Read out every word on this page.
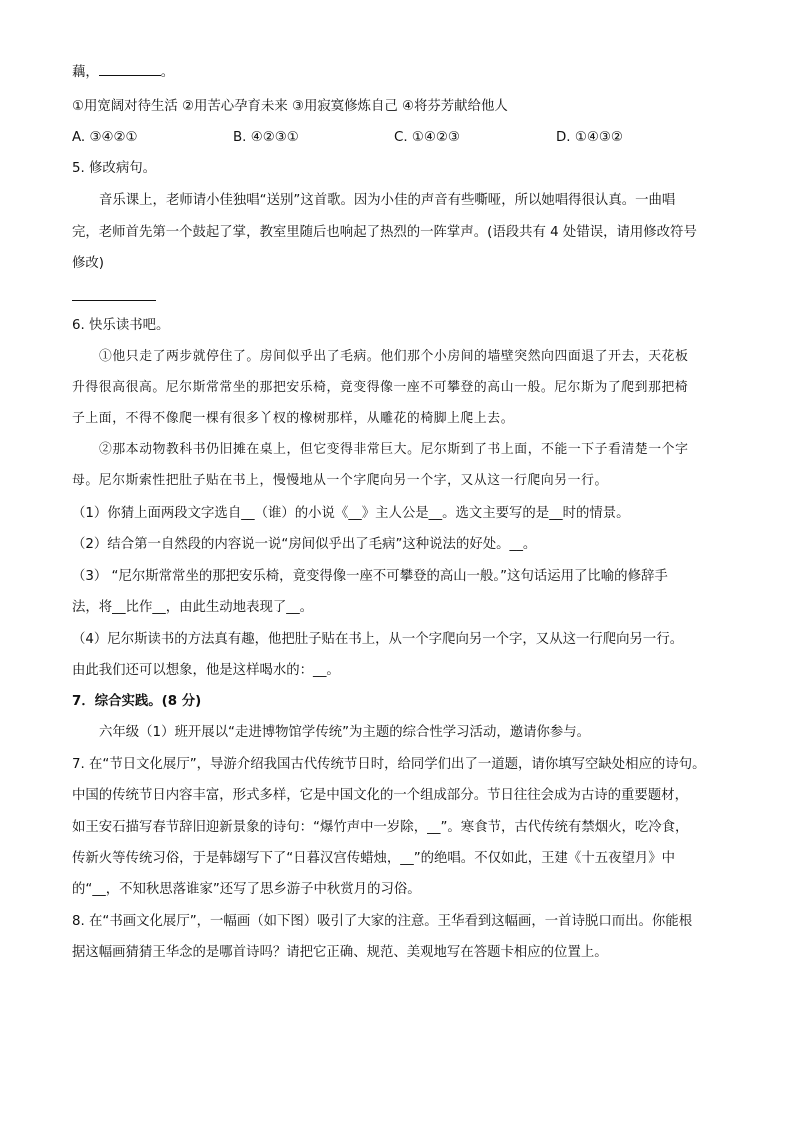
藕，	。
①用宽阔对待生活 ②用苦心孕育未来 ③用寂寞修炼自己 ④将芬芳献给他人
A. ③④②①	B. ④②③①	C. ①④②③	D. ①④③②
5. 修改病句。
音乐课上，老师请小佳独唱“送别”这首歌。因为小佳的声音有些嘶哑，所以她唱得很认真。一曲唱
完，老师首先第一个鼓起了掌，教室里随后也响起了热烈的一阵掌声。(语段共有 4 处错误，请用修改符号
修改)
6. 快乐读书吧。
①他只走了两步就停住了。房间似乎出了毛病。他们那个小房间的墙壁突然向四面退了开去，天花板
升得很高很高。尼尔斯常常坐的那把安乐椅，竟变得像一座不可攀登的高山一般。尼尔斯为了爬到那把椅
子上面，不得不像爬一棵有很多丫杈的橡树那样，从雕花的椅脚上爬上去。
②那本动物教科书仍旧摊在桌上，但它变得非常巨大。尼尔斯到了书上面，不能一下子看清楚一个字
母。尼尔斯索性把肚子贴在书上，慢慢地从一个字爬向另一个字，又从这一行爬向另一行。
（1）你猜上面两段文字选自__（谁）的小说《__》主人公是__。选文主要写的是__时的情景。
（2）结合第一自然段的内容说一说“房间似乎出了毛病”这种说法的好处。__。
（3） “尼尔斯常常坐的那把安乐椅，竟变得像一座不可攀登的高山一般。”这句话运用了比喻的修辞手
法，将__比作__，由此生动地表现了__。
（4）尼尔斯读书的方法真有趣，他把肚子贴在书上，从一个字爬向另一个字，又从这一行爬向另一行。
由此我们还可以想象，他是这样喝水的：__。
7．综合实践。(8 分)
六年级（1）班开展以“走进博物馆学传统”为主题的综合性学习活动，邀请你参与。
7. 在“节日文化展厅”，导游介绍我国古代传统节日时，给同学们出了一道题，请你填写空缺处相应的诗句。
中国的传统节日内容丰富，形式多样，它是中国文化的一个组成部分。节日往往会成为古诗的重要题材，
如王安石描写春节辞旧迎新景象的诗句：“爆竹声中一岁除，__”。寒食节，古代传统有禁烟火，吃冷食，
传新火等传统习俗，于是韩翃写下了“日暮汉宫传蜡烛，__”的绝唱。不仅如此，王建《十五夜望月》中
的“__，不知秋思落谁家”还写了思乡游子中秋赏月的习俗。
8. 在“书画文化展厅”，一幅画（如下图）吸引了大家的注意。王华看到这幅画，一首诗脱口而出。你能根
据这幅画猜猜王华念的是哪首诗吗？请把它正确、规范、美观地写在答题卡相应的位置上。
